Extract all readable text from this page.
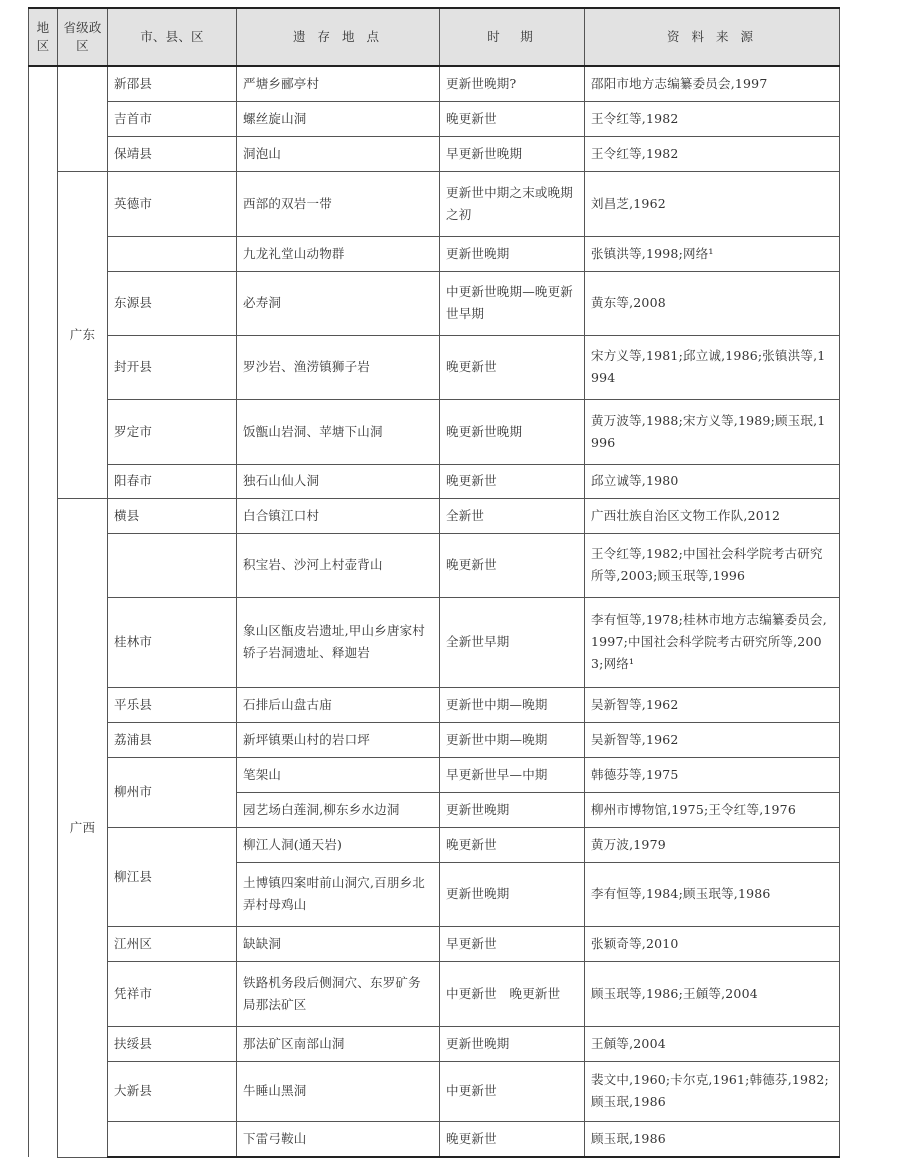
地区	省级政区	市、县、区	遗 存 地 点	时　期	资 料 来 源
		新邵县	严塘乡郦亭村	更新世晚期?	邵阳市地方志编纂委员会,1997
		吉首市	螺丝旋山洞	晚更新世	王令红等,1982
		保靖县	洞泡山	早更新世晚期	王令红等,1982
	广东	英德市	西部的双岩一带	更新世中期之末或晚期之初	刘昌芝,1962
			九龙礼堂山动物群	更新世晚期	张镇洪等,1998;网络¹
		东源县	必寿洞	中更新世晚期—晚更新世早期	黄东等,2008
		封开县	罗沙岩、渔涝镇狮子岩	晚更新世	宋方义等,1981;邱立诚,1986;张镇洪等,1994
		罗定市	饭甑山岩洞、苹塘下山洞	晚更新世晚期	黄万波等,1988;宋方义等,1989;顾玉珉,1996
		阳春市	独石山仙人洞	晚更新世	邱立诚等,1980
	广西	横县	白合镇江口村	全新世	广西壮族自治区文物工作队,2012
			积宝岩、沙河上村壶背山	晚更新世	王令红等,1982;中国社会科学院考古研究所等,2003;顾玉珉等,1996
		桂林市	象山区甑皮岩遗址,甲山乡唐家村轿子岩洞遗址、释迦岩	全新世早期	李有恒等,1978;桂林市地方志编纂委员会,1997;中国社会科学院考古研究所等,2003;网络¹
		平乐县	石排后山盘古庙	更新世中期—晚期	吴新智等,1962
		荔浦县	新坪镇栗山村的岩口坪	更新世中期—晚期	吴新智等,1962
		柳州市	笔架山	早更新世早—中期	韩德芬等,1975
			园艺场白莲洞,柳东乡水边洞	更新世晚期	柳州市博物馆,1975;王令红等,1976
		柳江县	柳江人洞(通天岩)	晚更新世	黄万波,1979
			土博镇四案咁前山洞穴,百朋乡北弄村母鸡山	更新世晚期	李有恒等,1984;顾玉珉等,1986
		江州区	缺缺洞	早更新世	张颖奇等,2010
		凭祥市	铁路机务段后侧洞穴、东罗矿务局那法矿区	中更新世　晚更新世	顾玉珉等,1986;王頠等,2004
		扶绥县	那法矿区南部山洞	更新世晚期	王頠等,2004
		大新县	牛睡山黑洞	中更新世	裴文中,1960;卡尔克,1961;韩德芬,1982;顾玉珉,1986
			下雷弓鞍山	晚更新世	顾玉珉,1986
